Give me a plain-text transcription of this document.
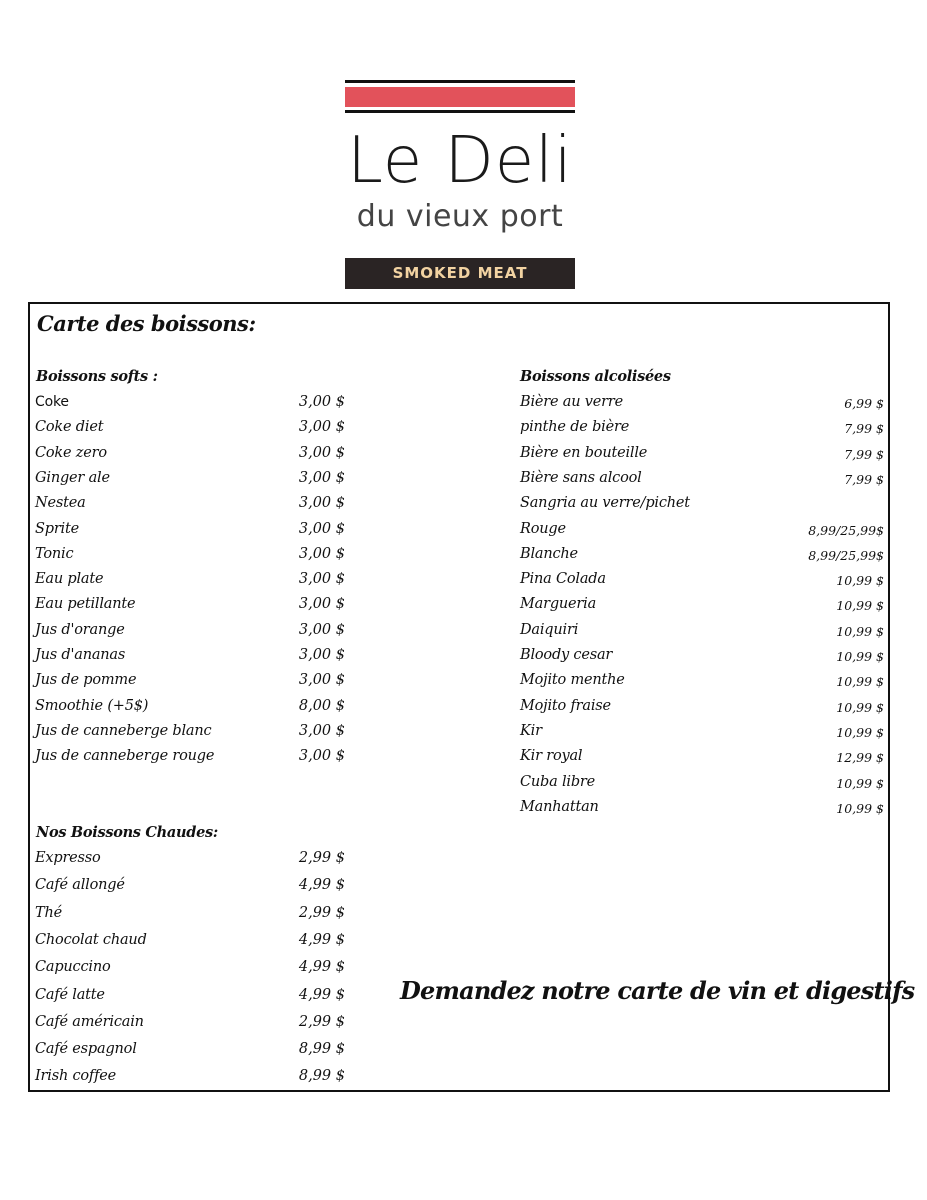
Le Deli
du vieux port
SMOKED MEAT
Carte des boissons:
Boissons softs :
Coke	3,00 $
Coke diet	3,00 $
Coke zero	3,00 $
Ginger ale	3,00 $
Nestea	3,00 $
Sprite	3,00 $
Tonic	3,00 $
Eau plate	3,00 $
Eau petillante	3,00 $
Jus d'orange	3,00 $
Jus d'ananas	3,00 $
Jus de pomme	3,00 $
Smoothie (+5$)	8,00 $
Jus de canneberge blanc	3,00 $
Jus de canneberge rouge	3,00 $
Nos Boissons Chaudes:
Expresso	2,99 $
Café allongé	4,99 $
Thé	2,99 $
Chocolat chaud	4,99 $
Capuccino	4,99 $
Café latte	4,99 $
Café américain	2,99 $
Café espagnol	8,99 $
Irish coffee	8,99 $
Boissons alcolisées
Bière au verre	6,99 $
pinthe de bière	7,99 $
Bière en bouteille	7,99 $
Bière sans alcool	7,99 $
Sangria au verre/pichet
Rouge	8,99/25,99$
Blanche	8,99/25,99$
Pina Colada	10,99 $
Margueria	10,99 $
Daiquiri	10,99 $
Bloody cesar	10,99 $
Mojito menthe	10,99 $
Mojito fraise	10,99 $
Kir	10,99 $
Kir royal	12,99 $
Cuba libre	10,99 $
Manhattan	10,99 $
Demandez notre carte de vin et digestifs
